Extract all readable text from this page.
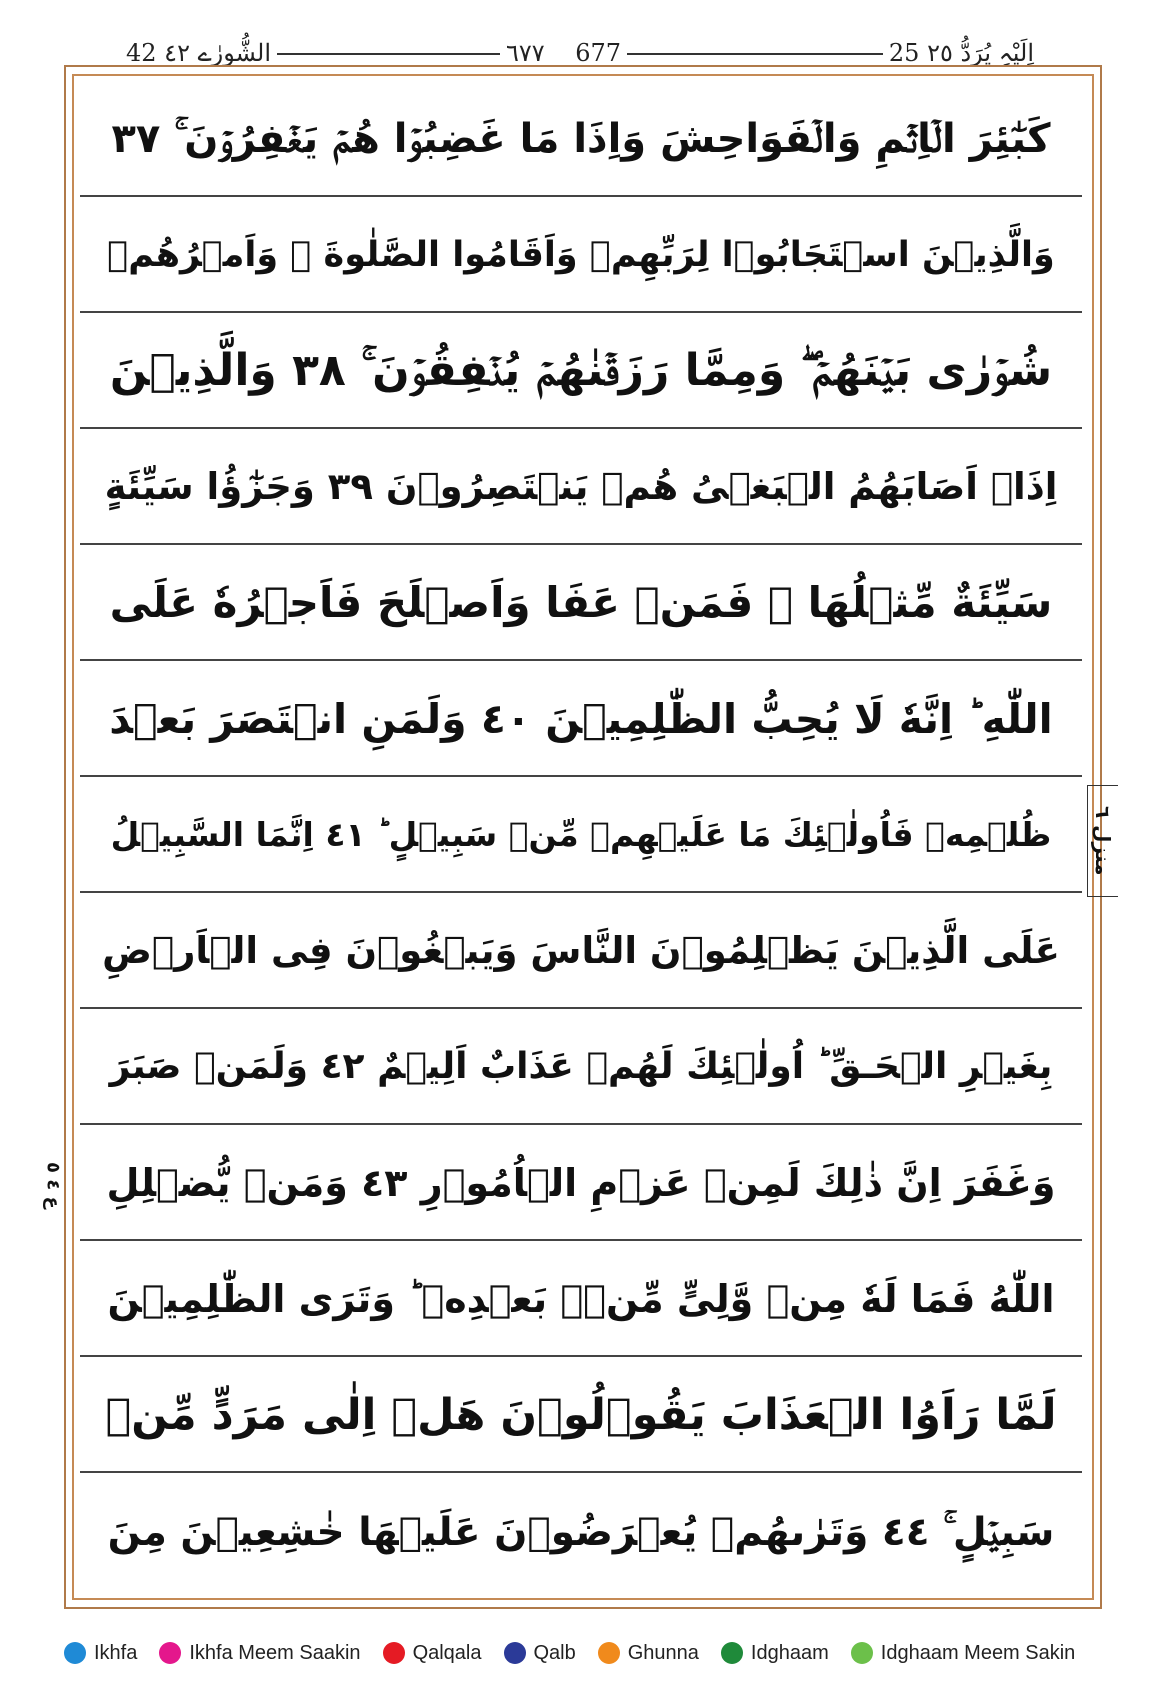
25 اِلَیْہِ یُرَدُّ ٢٥
٦٧٧ 677
42 الشُّورٰے ٤٢
كَبٰٓئِرَ الۡاِثۡمِ وَالۡفَوَاحِشَ وَاِذَا مَا غَضِبُوۡا هُمۡ يَغۡفِرُوۡنَ ۚ ٣٧
وَالَّذِيۡنَ اسۡتَجَابُوۡا لِرَبِّهِمۡ وَاَقَامُوا الصَّلٰوةَ ۖ وَاَمۡرُهُمۡ
شُوۡرٰى بَيۡنَهُمۡ ۖ وَمِمَّا رَزَقۡنٰهُمۡ يُنۡفِقُوۡنَ ۚ ٣٨ وَالَّذِيۡنَ
اِذَاۤ اَصَابَهُمُ الۡبَغۡىُ هُمۡ يَنۡتَصِرُوۡنَ ٣٩ وَجَزٰٓؤُا سَيِّئَةٍ
سَيِّئَةٌ مِّثۡلُهَا ۚ فَمَنۡ عَفَا وَاَصۡلَحَ فَاَجۡرُهٗ عَلَى
اللّٰهِ ؕ اِنَّهٗ لَا يُحِبُّ الظّٰلِمِيۡنَ ٤٠ وَلَمَنِ انۡتَصَرَ بَعۡدَ
ظُلۡمِهٖ فَاُولٰۤئِكَ مَا عَلَيۡهِمۡ مِّنۡ سَبِيۡلٍ ؕ ٤١ اِنَّمَا السَّبِيۡلُ
عَلَى الَّذِيۡنَ يَظۡلِمُوۡنَ النَّاسَ وَيَبۡغُوۡنَ فِى الۡاَرۡضِ
بِغَيۡرِ الۡحَـقِّ ؕ اُولٰۤئِكَ لَهُمۡ عَذَابٌ اَلِيۡمٌ ٤٢ وَلَمَنۡ صَبَرَ
وَغَفَرَ اِنَّ ذٰلِكَ لَمِنۡ عَزۡمِ الۡاُمُوۡرِ ٤٣ وَمَنۡ يُّضۡلِلِ
اللّٰهُ فَمَا لَهٗ مِنۡ وَّلِىٍّ مِّنۡۢ بَعۡدِهٖ ؕ وَتَرَى الظّٰلِمِيۡنَ
لَمَّا رَاَوُا الۡعَذَابَ يَقُوۡلُوۡنَ هَلۡ اِلٰى مَرَدٍّ مِّنۡ
سَبِيۡلٍ ۚ ٤٤ وَتَرٰٮهُمۡ يُعۡرَضُوۡنَ عَلَيۡهَا خٰشِعِيۡنَ مِنَ
منزل ٦
ع ٤ ٥
Ikhfa	Ikhfa Meem Saakin	Qalqala	Qalb	Ghunna	Idghaam	Idghaam Meem Sakin
